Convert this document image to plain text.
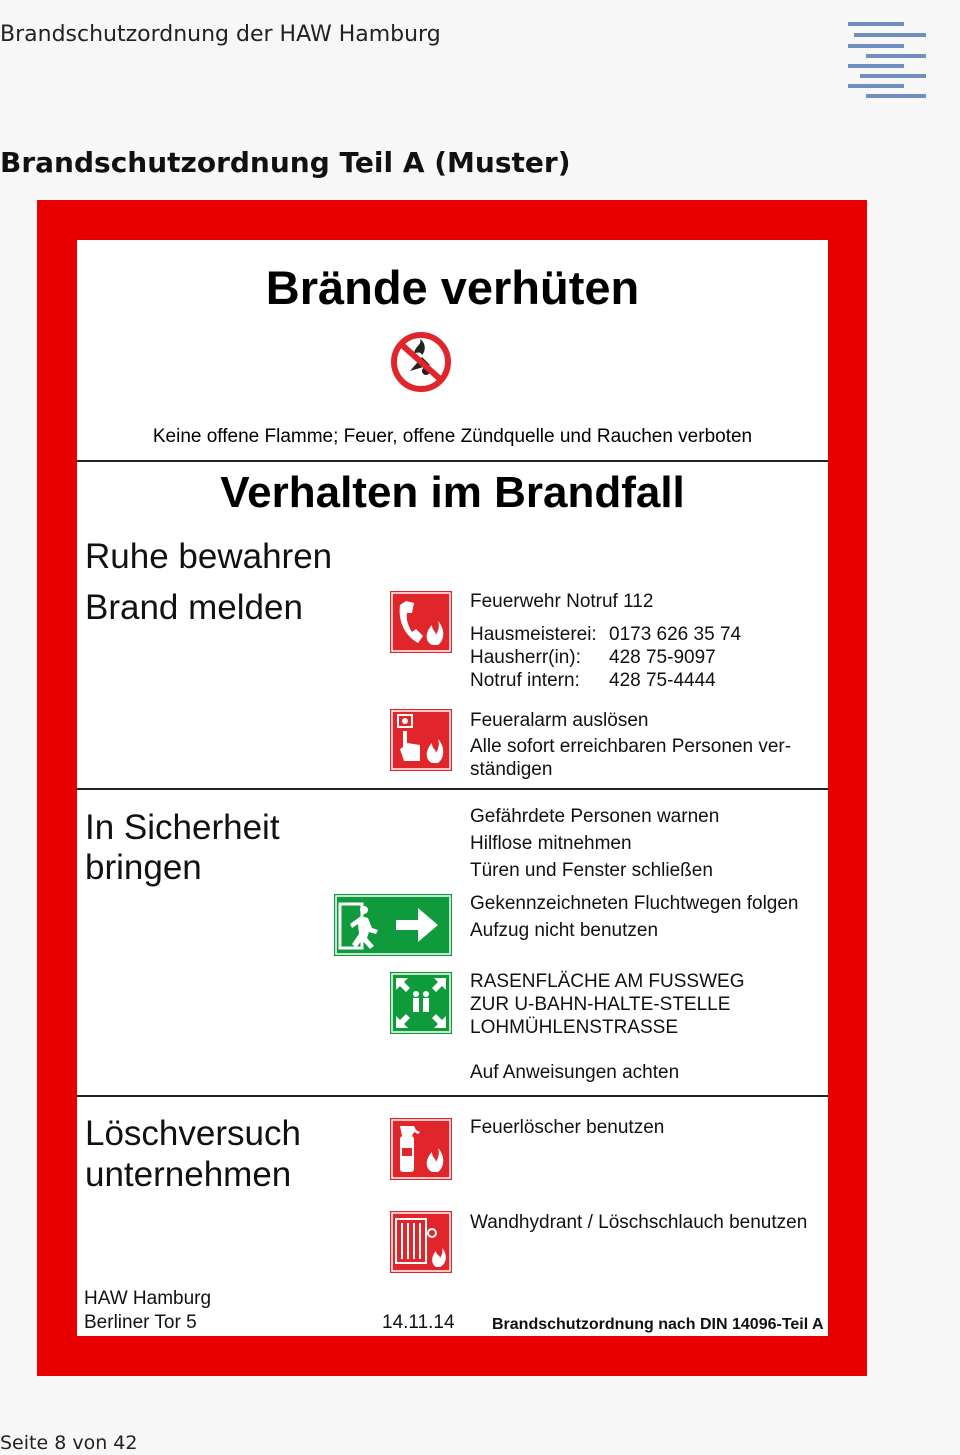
Brandschutzordnung der HAW Hamburg
Brandschutzordnung Teil A (Muster)
Brände verhüten
Keine offene Flamme; Feuer, offene Zündquelle und Rauchen verboten
Verhalten im Brandfall
Ruhe bewahren
Brand melden	Feuerwehr Notruf 112
Hausmeisterei: 0173 626 35 74
Hausherr(in): 428 75-9097
Notruf intern: 428 75-4444
Feueralarm auslösen
Alle sofort erreichbaren Personen ver-
ständigen
In Sicherheit
bringen
Gefährdete Personen warnen
Hilflose mitnehmen
Türen und Fenster schließen
Gekennzeichneten Fluchtwegen folgen
Aufzug nicht benutzen
RASENFLÄCHE AM FUSSWEG
ZUR U-BAHN-HALTE-STELLE
LOHMÜHLENSTRASSE
Auf Anweisungen achten
Löschversuch
unternehmen
Feuerlöscher benutzen
Wandhydrant / Löschschlauch benutzen
HAW Hamburg
Berliner Tor 5	14.11.14 Brandschutzordnung nach DIN 14096-Teil A
Seite 8 von 42
